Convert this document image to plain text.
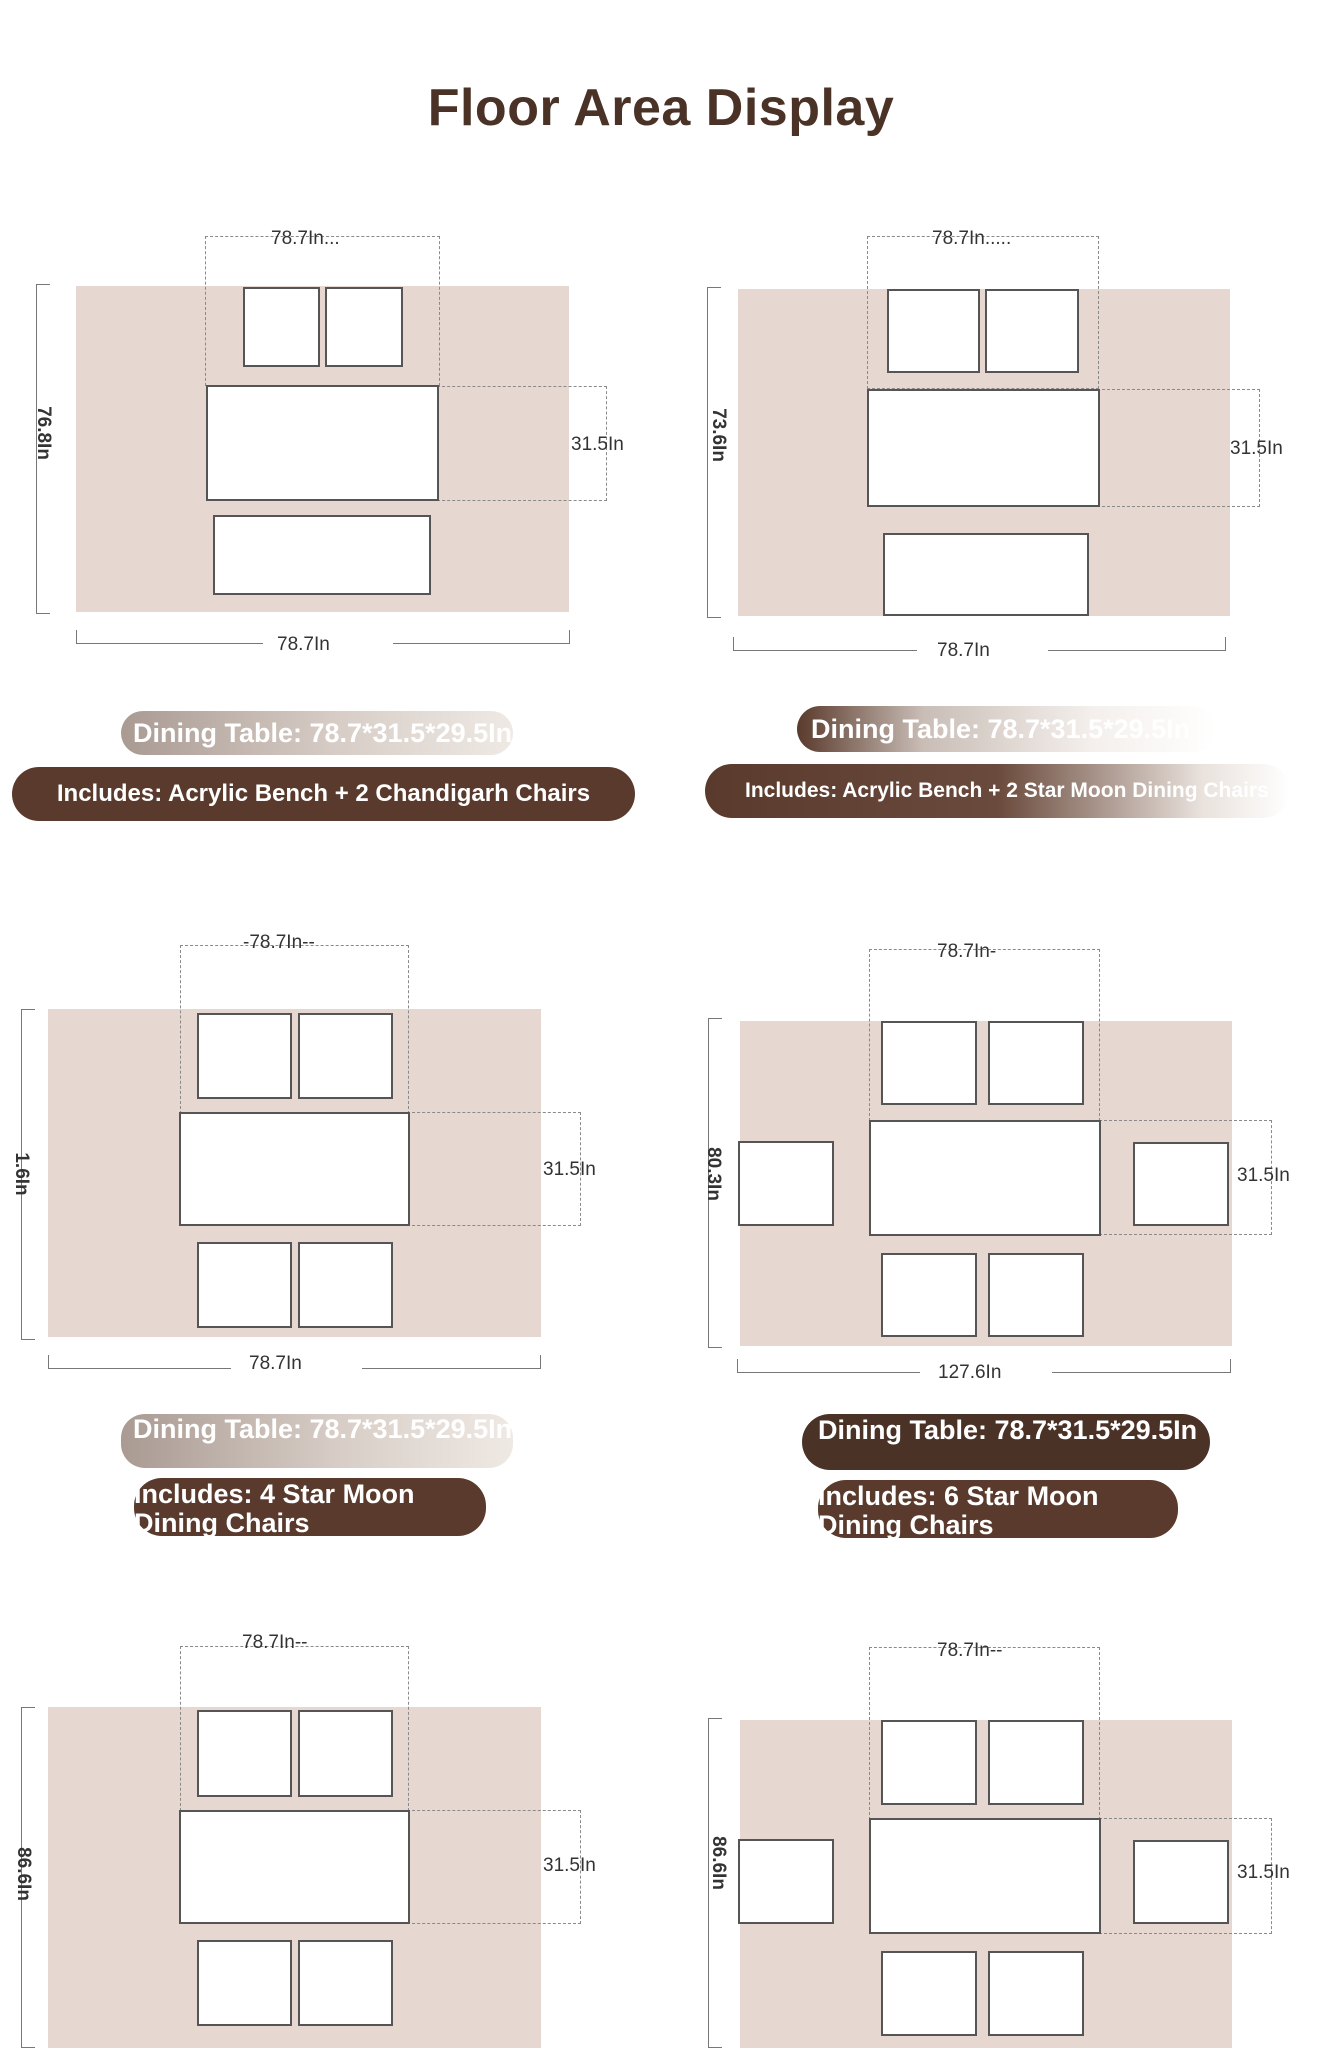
Floor Area Display
78.7In...
31.5In
76.8In
78.7In
Dining Table: 78.7*31.5*29.5In
Includes: Acrylic Bench + 2 Chandigarh Chairs
78.7In.....
31.5In
73.6In
78.7In
Dining Table: 78.7*31.5*29.5In
Includes: Acrylic Bench + 2 Star Moon Dining Chairs
-78.7In--
31.5In
1.6In
78.7In
Dining Table: 78.7*31.5*29.5In
Includes: 4 Star Moon Dining Chairs
78.7In-
31.5In
80.3In
127.6In
Dining Table: 78.7*31.5*29.5In
Includes: 6 Star Moon Dining Chairs
78.7In--
31.5In
86.6In
78.7In--
31.5In
86.6In
